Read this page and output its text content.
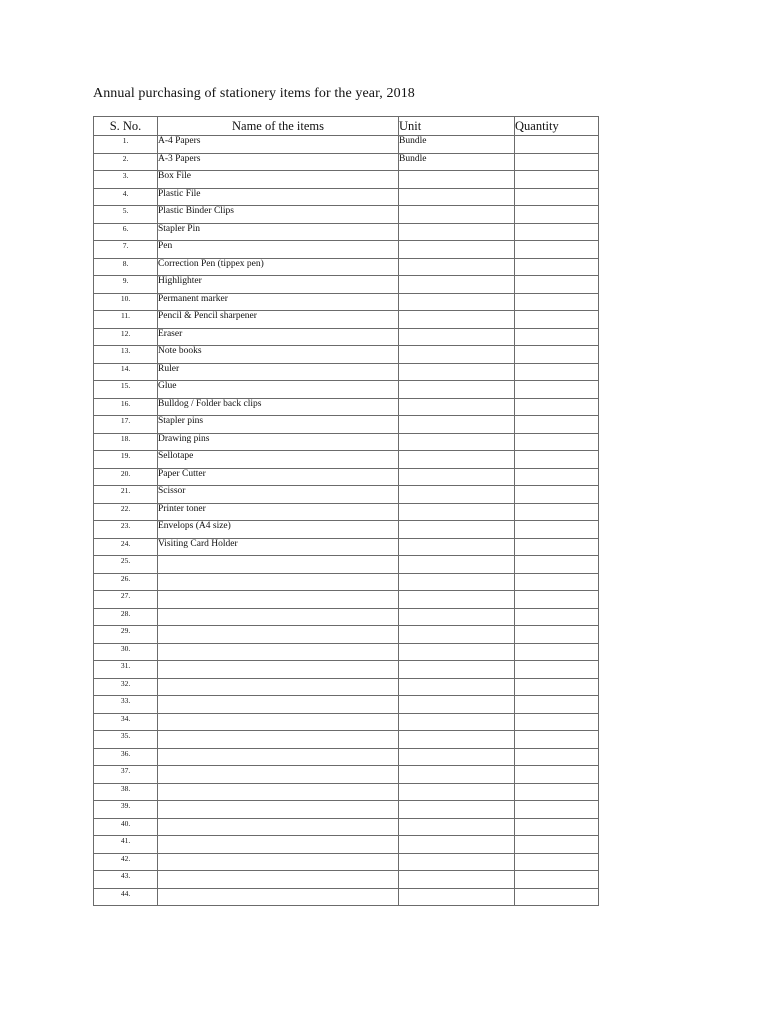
Annual purchasing of stationery items for the year, 2018
S. No.	Name of the items	Unit	Quantity
1.	A-4 Papers	Bundle	
2.	A-3 Papers	Bundle	
3.	Box File		
4.	Plastic File		
5.	Plastic Binder Clips		
6.	Stapler Pin		
7.	Pen		
8.	Correction Pen (tippex pen)		
9.	Highlighter		
10.	Permanent marker		
11.	Pencil & Pencil sharpener		
12.	Eraser		
13.	Note books		
14.	Ruler		
15.	Glue		
16.	Bulldog / Folder back clips		
17.	Stapler pins		
18.	Drawing pins		
19.	Sellotape		
20.	Paper Cutter		
21.	Scissor		
22.	Printer toner		
23.	Envelops (A4 size)		
24.	Visiting Card Holder		
25.			
26.			
27.			
28.			
29.			
30.			
31.			
32.			
33.			
34.			
35.			
36.			
37.			
38.			
39.			
40.			
41.			
42.			
43.			
44.			
